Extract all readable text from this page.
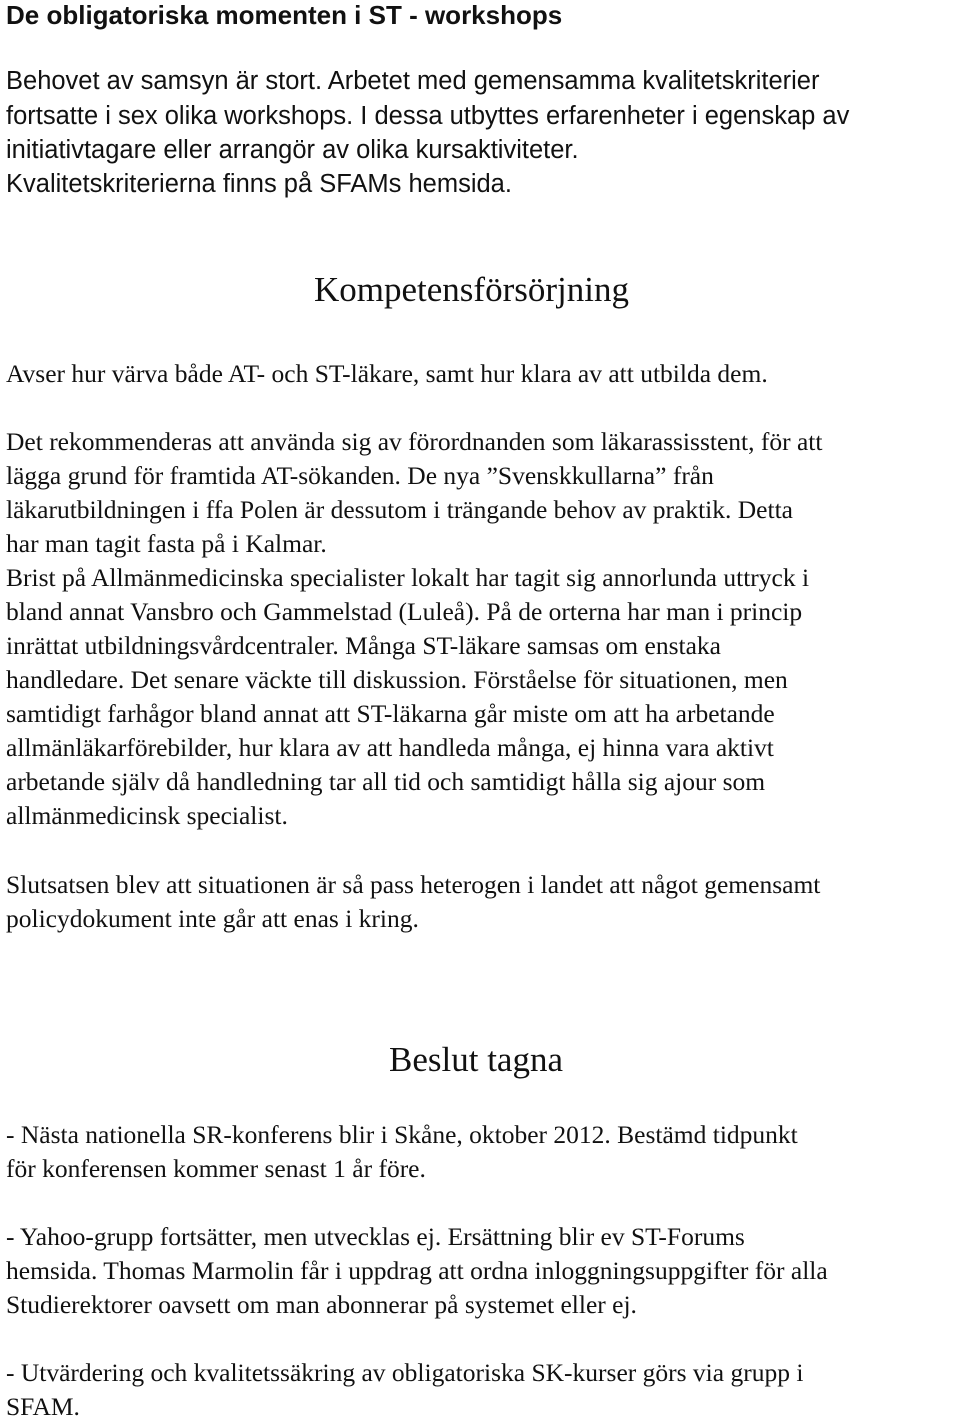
De obligatoriska momenten i ST - workshops
Behovet av samsyn är stort. Arbetet med gemensamma kvalitetskriterier
fortsatte i sex olika workshops. I dessa utbyttes erfarenheter i egenskap av
initiativtagare eller arrangör av olika kursaktiviteter.
Kvalitetskriterierna finns på SFAMs hemsida.
Kompetensförsörjning
Avser hur värva både AT- och ST-läkare, samt hur klara av att utbilda dem.
Det rekommenderas att använda sig av förordnanden som läkarassisstent, för att
lägga grund för framtida AT-sökanden. De nya ”Svenskkullarna” från
läkarutbildningen i ffa Polen är dessutom i trängande behov av praktik. Detta
har man tagit fasta på i Kalmar.
Brist på Allmänmedicinska specialister lokalt har tagit sig annorlunda uttryck i
bland annat Vansbro och Gammelstad (Luleå). På de orterna har man i princip
inrättat utbildningsvårdcentraler. Många ST-läkare samsas om enstaka
handledare. Det senare väckte till diskussion. Förståelse för situationen, men
samtidigt farhågor bland annat att ST-läkarna går miste om att ha arbetande
allmänläkarförebilder, hur klara av att handleda många, ej hinna vara aktivt
arbetande själv då handledning tar all tid och samtidigt hålla sig ajour som
allmänmedicinsk specialist.
Slutsatsen blev att situationen är så pass heterogen i landet att något gemensamt
policydokument inte går att enas i kring.
Beslut tagna
- Nästa nationella SR-konferens blir i Skåne, oktober 2012. Bestämd tidpunkt
för konferensen kommer senast 1 år före.
- Yahoo-grupp fortsätter, men utvecklas ej. Ersättning blir ev ST-Forums
hemsida. Thomas Marmolin får i uppdrag att ordna inloggningsuppgifter för alla
Studierektorer oavsett om man abonnerar på systemet eller ej.
- Utvärdering och kvalitetssäkring av obligatoriska SK-kurser görs via grupp i
SFAM.
